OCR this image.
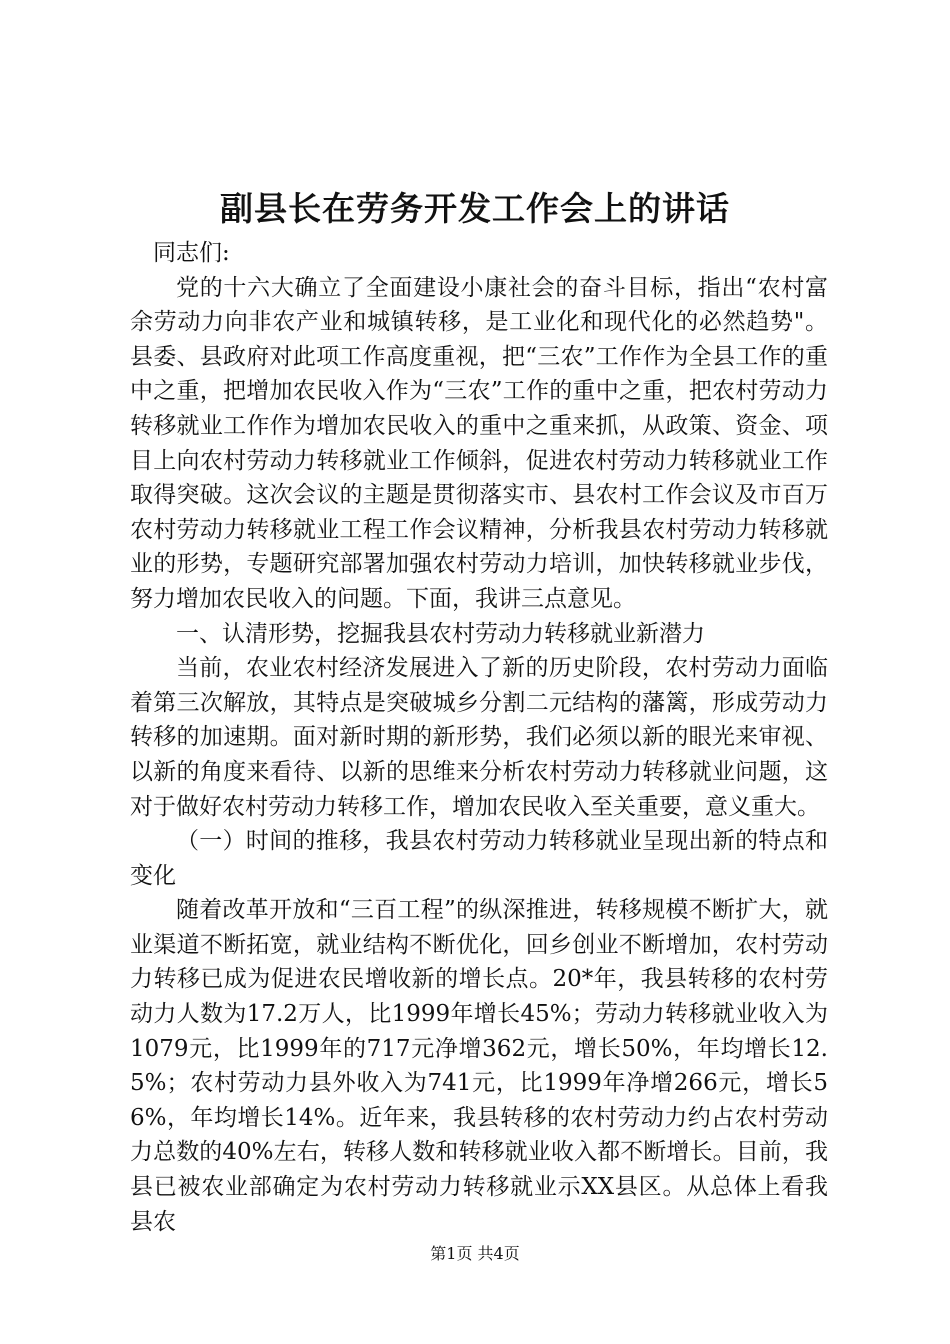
副县长在劳务开发工作会上的讲话

同志们:

党的十六大确立了全面建设小康社会的奋斗目标，指出“农村富余劳动力向非农产业和城镇转移，是工业化和现代化的必然趋势"。县委、县政府对此项工作高度重视，把“三农”工作作为全县工作的重中之重，把增加农民收入作为“三农”工作的重中之重，把农村劳动力转移就业工作作为增加农民收入的重中之重来抓，从政策、资金、项目上向农村劳动力转移就业工作倾斜，促进农村劳动力转移就业工作取得突破。这次会议的主题是贯彻落实市、县农村工作会议及市百万农村劳动力转移就业工程工作会议精神，分析我县农村劳动力转移就业的形势，专题研究部署加强农村劳动力培训，加快转移就业步伐，努力增加农民收入的问题。下面，我讲三点意见。

一、认清形势，挖掘我县农村劳动力转移就业新潜力

当前，农业农村经济发展进入了新的历史阶段，农村劳动力面临着第三次解放，其特点是突破城乡分割二元结构的藩篱，形成劳动力转移的加速期。面对新时期的新形势，我们必须以新的眼光来审视、以新的角度来看待、以新的思维来分析农村劳动力转移就业问题，这对于做好农村劳动力转移工作，增加农民收入至关重要，意义重大。

（一）时间的推移，我县农村劳动力转移就业呈现出新的特点和变化

随着改革开放和“三百工程”的纵深推进，转移规模不断扩大，就业渠道不断拓宽，就业结构不断优化，回乡创业不断增加，农村劳动力转移已成为促进农民增收新的增长点。20*年，我县转移的农村劳动力人数为17.2万人，比1999年增长45%；劳动力转移就业收入为1079元，比1999年的717元净增362元，增长50%，年均增长12.5%；农村劳动力县外收入为741元，比1999年净增266元，增长56%，年均增长14%。近年来，我县转移的农村劳动力约占农村劳动力总数的40%左右，转移人数和转移就业收入都不断增长。目前，我县已被农业部确定为农村劳动力转移就业示XX县区。从总体上看我县农

第1页 共4页
